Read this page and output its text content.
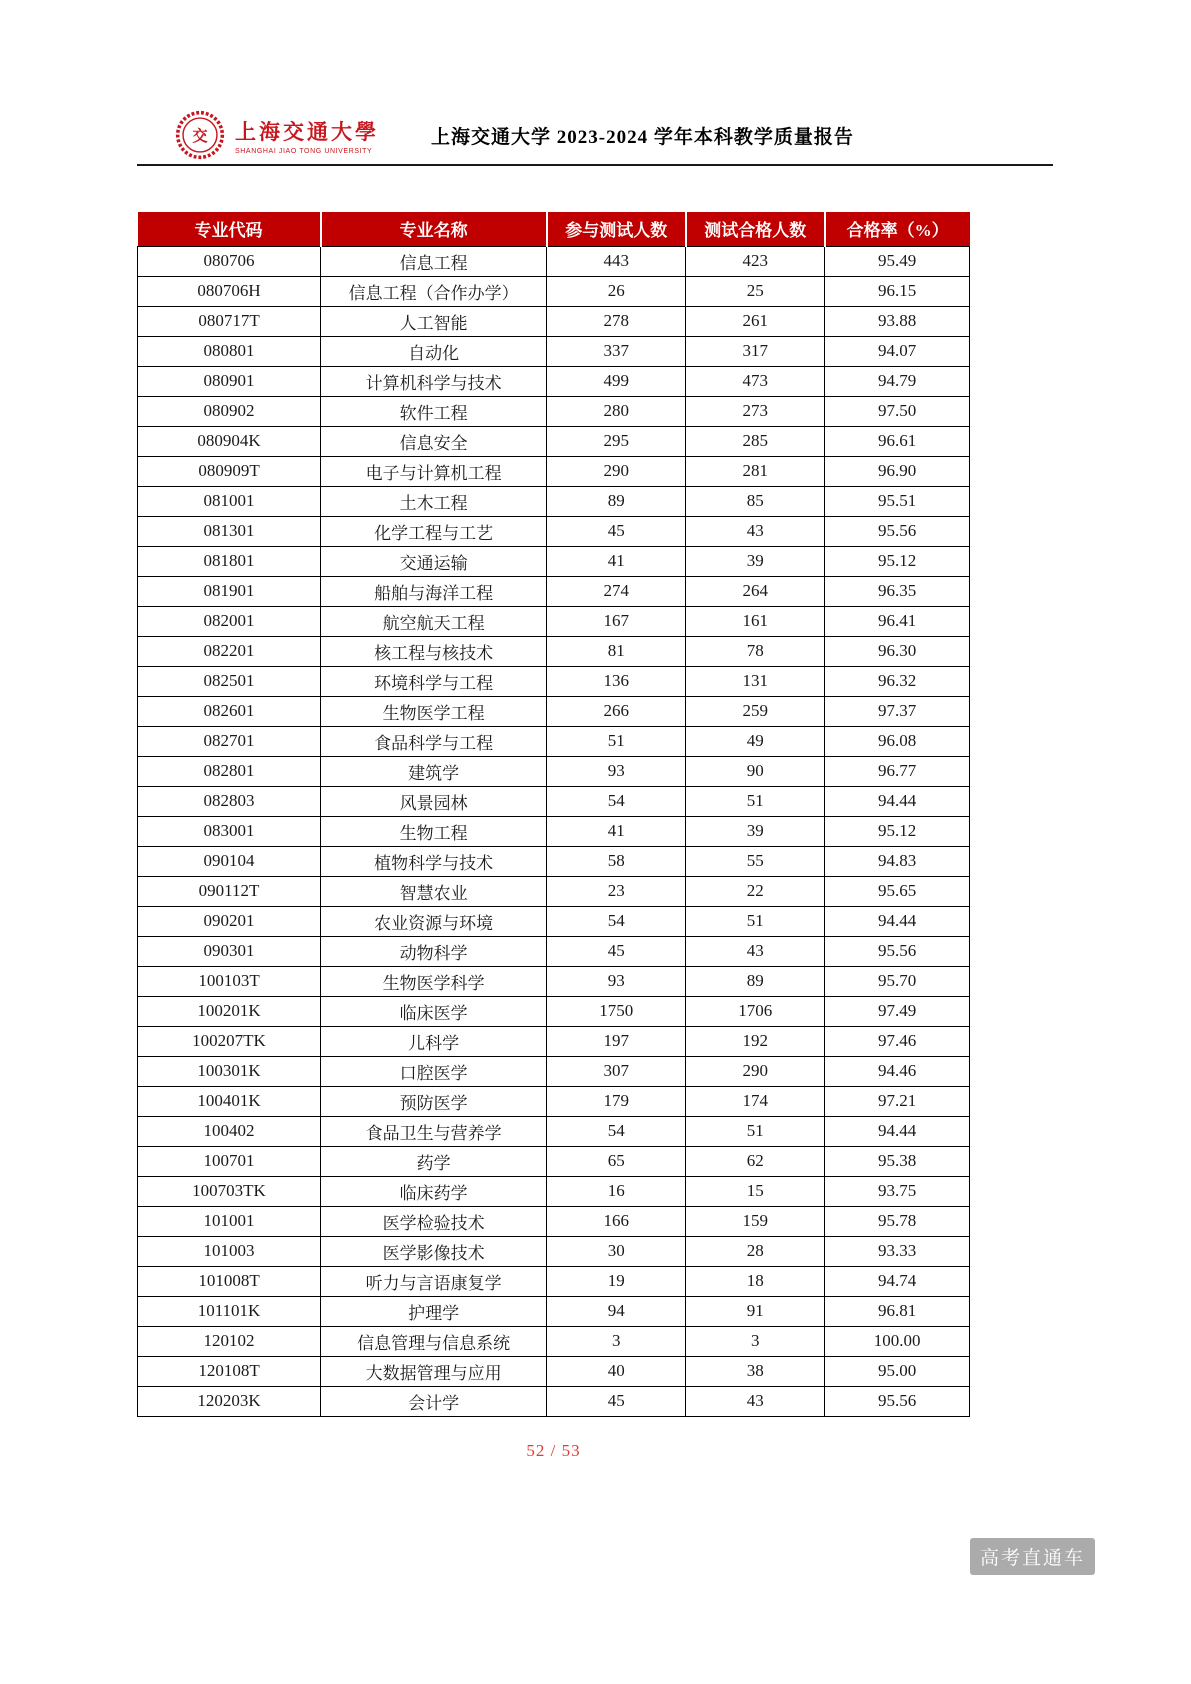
交 上海交通大學
SHANGHAI JIAO TONG UNIVERSITY
上海交通大学 2023-2024 学年本科教学质量报告
专业代码	专业名称	参与测试人数	测试合格人数	合格率（%）
080706	信息工程	443	423	95.49
080706H	信息工程（合作办学）	26	25	96.15
080717T	人工智能	278	261	93.88
080801	自动化	337	317	94.07
080901	计算机科学与技术	499	473	94.79
080902	软件工程	280	273	97.50
080904K	信息安全	295	285	96.61
080909T	电子与计算机工程	290	281	96.90
081001	土木工程	89	85	95.51
081301	化学工程与工艺	45	43	95.56
081801	交通运输	41	39	95.12
081901	船舶与海洋工程	274	264	96.35
082001	航空航天工程	167	161	96.41
082201	核工程与核技术	81	78	96.30
082501	环境科学与工程	136	131	96.32
082601	生物医学工程	266	259	97.37
082701	食品科学与工程	51	49	96.08
082801	建筑学	93	90	96.77
082803	风景园林	54	51	94.44
083001	生物工程	41	39	95.12
090104	植物科学与技术	58	55	94.83
090112T	智慧农业	23	22	95.65
090201	农业资源与环境	54	51	94.44
090301	动物科学	45	43	95.56
100103T	生物医学科学	93	89	95.70
100201K	临床医学	1750	1706	97.49
100207TK	儿科学	197	192	97.46
100301K	口腔医学	307	290	94.46
100401K	预防医学	179	174	97.21
100402	食品卫生与营养学	54	51	94.44
100701	药学	65	62	95.38
100703TK	临床药学	16	15	93.75
101001	医学检验技术	166	159	95.78
101003	医学影像技术	30	28	93.33
101008T	听力与言语康复学	19	18	94.74
101101K	护理学	94	91	96.81
120102	信息管理与信息系统	3	3	100.00
120108T	大数据管理与应用	40	38	95.00
120203K	会计学	45	43	95.56
52 / 53
高考直通车
